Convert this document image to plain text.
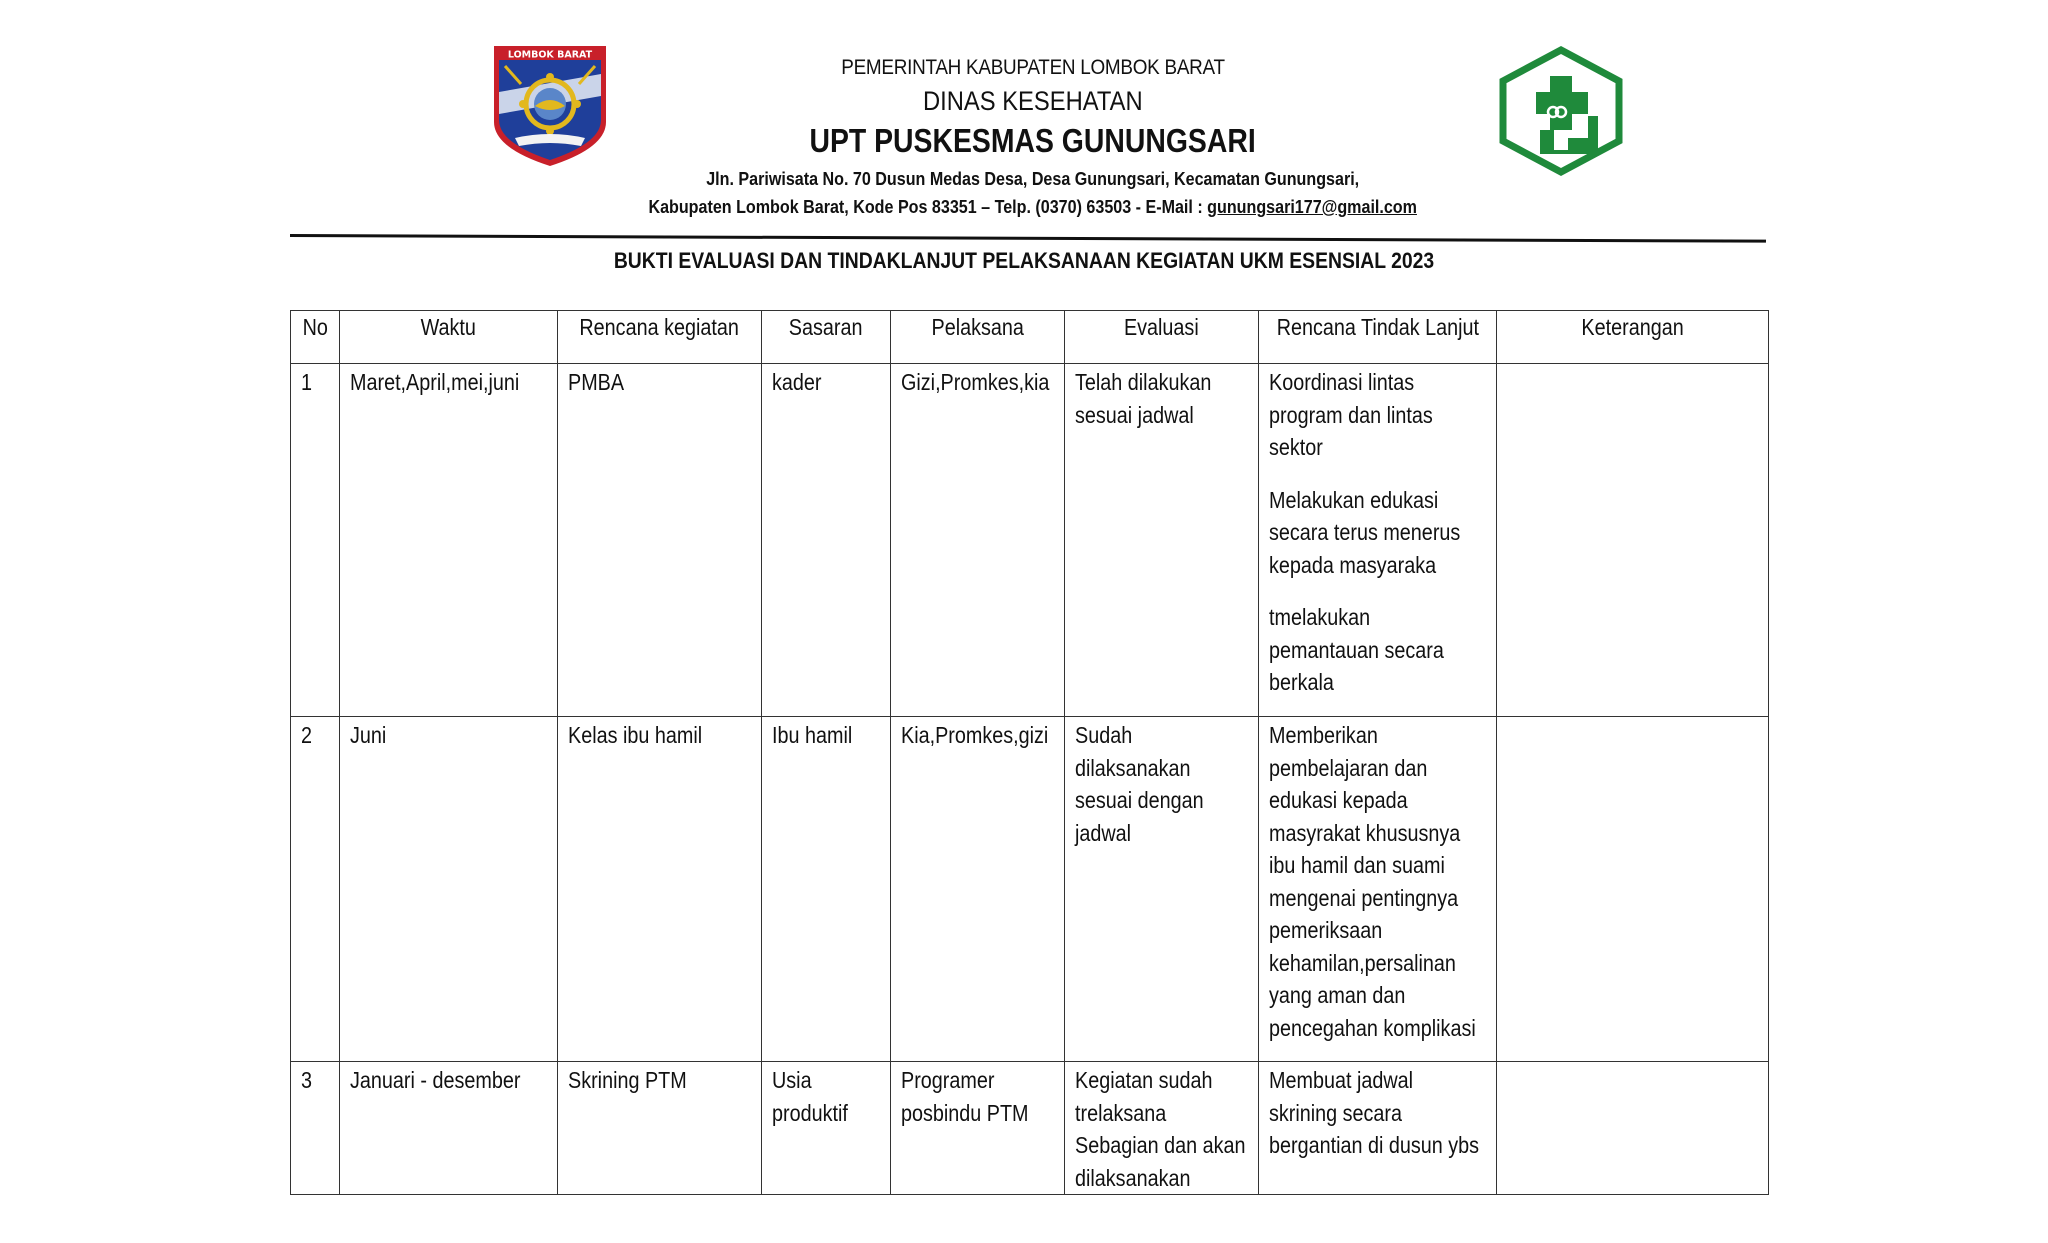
LOMBOK BARAT
PEMERINTAH KABUPATEN LOMBOK BARAT
DINAS KESEHATAN
UPT PUSKESMAS GUNUNGSARI
Jln. Pariwisata No. 70 Dusun Medas Desa, Desa Gunungsari, Kecamatan Gunungsari,
Kabupaten Lombok Barat, Kode Pos 83351 – Telp. (0370) 63503 - E-Mail : gunungsari177@gmail.com
BUKTI EVALUASI DAN TINDAKLANJUT PELAKSANAAN KEGIATAN UKM ESENSIAL 2023
No	Waktu	Rencana kegiatan	Sasaran	Pelaksana	Evaluasi	Rencana Tindak Lanjut	Keterangan

1	Maret,April,mei,juni	PMBA	kader	Gizi,Promkes,kia	Telah dilakukan sesuai jadwal	Koordinasi lintas program dan lintas sektor
Melakukan edukasi secara terus menerus kepada masyaraka
tmelakukan pemantauan secara berkala	

2	Juni	Kelas ibu hamil	Ibu hamil	Kia,Promkes,gizi	Sudah dilaksanakan sesuai dengan jadwal	Memberikan pembelajaran dan edukasi kepada masyrakat khususnya ibu hamil dan suami mengenai pentingnya pemeriksaan kehamilan,persalinan yang aman dan pencegahan komplikasi	

3	Januari - desember	Skrining PTM	Usia produktif	Programer posbindu PTM	Kegiatan sudah trelaksana Sebagian dan akan dilaksanakan	Membuat jadwal skrining secara bergantian di dusun ybs	
